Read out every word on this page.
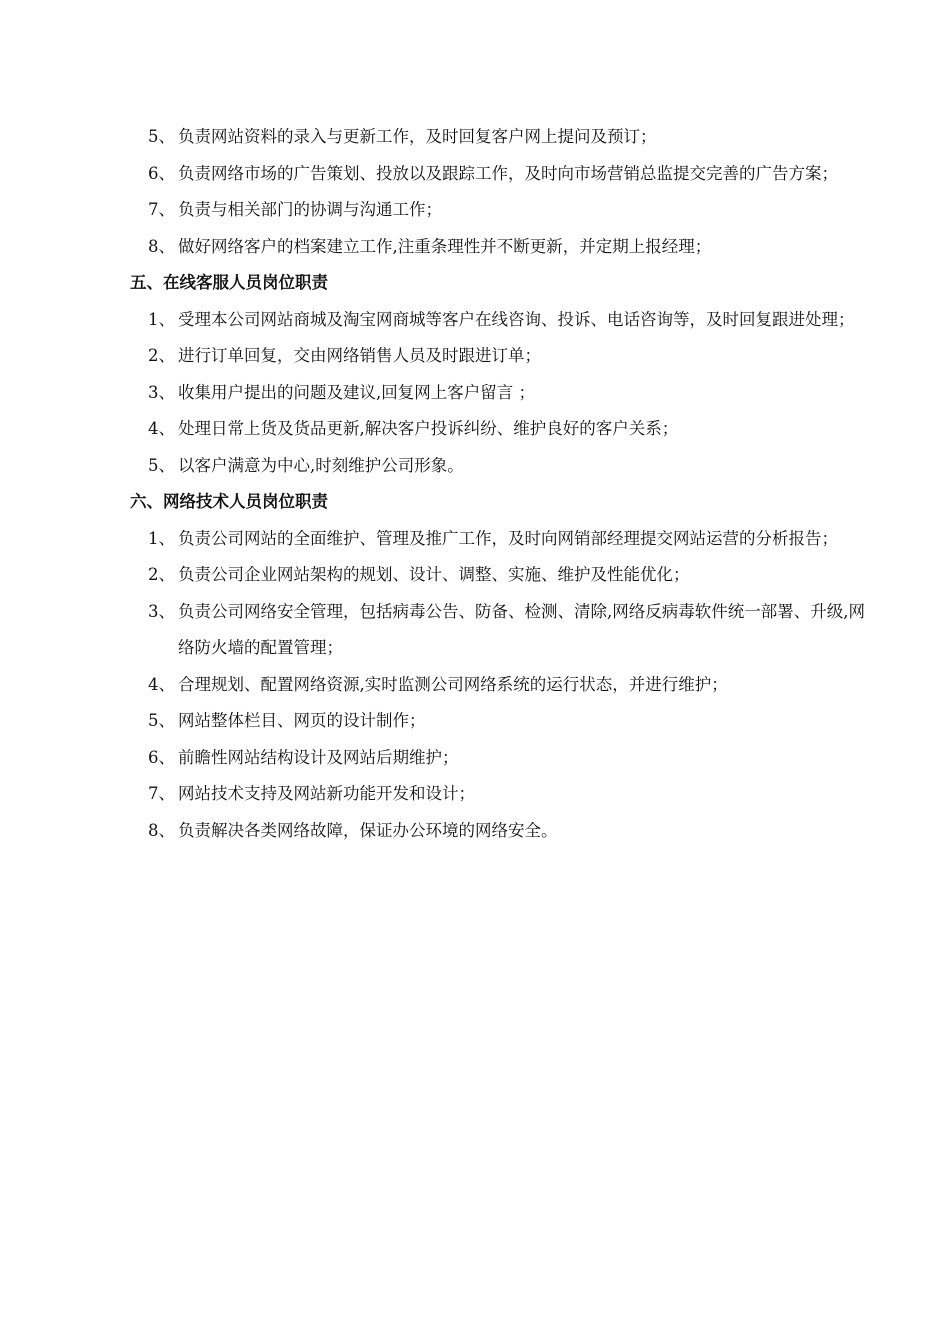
5、 负责网站资料的录入与更新工作，及时回复客户网上提问及预订；
6、 负责网络市场的广告策划、投放以及跟踪工作，及时向市场营销总监提交完善的广告方案；
7、 负责与相关部门的协调与沟通工作；
8、 做好网络客户的档案建立工作,注重条理性并不断更新，并定期上报经理；
五、在线客服人员岗位职责
1、 受理本公司网站商城及淘宝网商城等客户在线咨询、投诉、电话咨询等，及时回复跟进处理；
2、 进行订单回复，交由网络销售人员及时跟进订单；
3、 收集用户提出的问题及建议,回复网上客户留言 ；
4、 处理日常上货及货品更新,解决客户投诉纠纷、维护良好的客户关系；
5、 以客户满意为中心,时刻维护公司形象。
六、网络技术人员岗位职责
1、 负责公司网站的全面维护、管理及推广工作，及时向网销部经理提交网站运营的分析报告；
2、 负责公司企业网站架构的规划、设计、调整、实施、维护及性能优化；
3、 负责公司网络安全管理，包括病毒公告、防备、检测、清除,网络反病毒软件统一部署、升级,网络防火墙的配置管理；
4、 合理规划、配置网络资源,实时监测公司网络系统的运行状态，并进行维护；
5、 网站整体栏目、网页的设计制作；
6、 前瞻性网站结构设计及网站后期维护；
7、 网站技术支持及网站新功能开发和设计；
8、 负责解决各类网络故障，保证办公环境的网络安全。
